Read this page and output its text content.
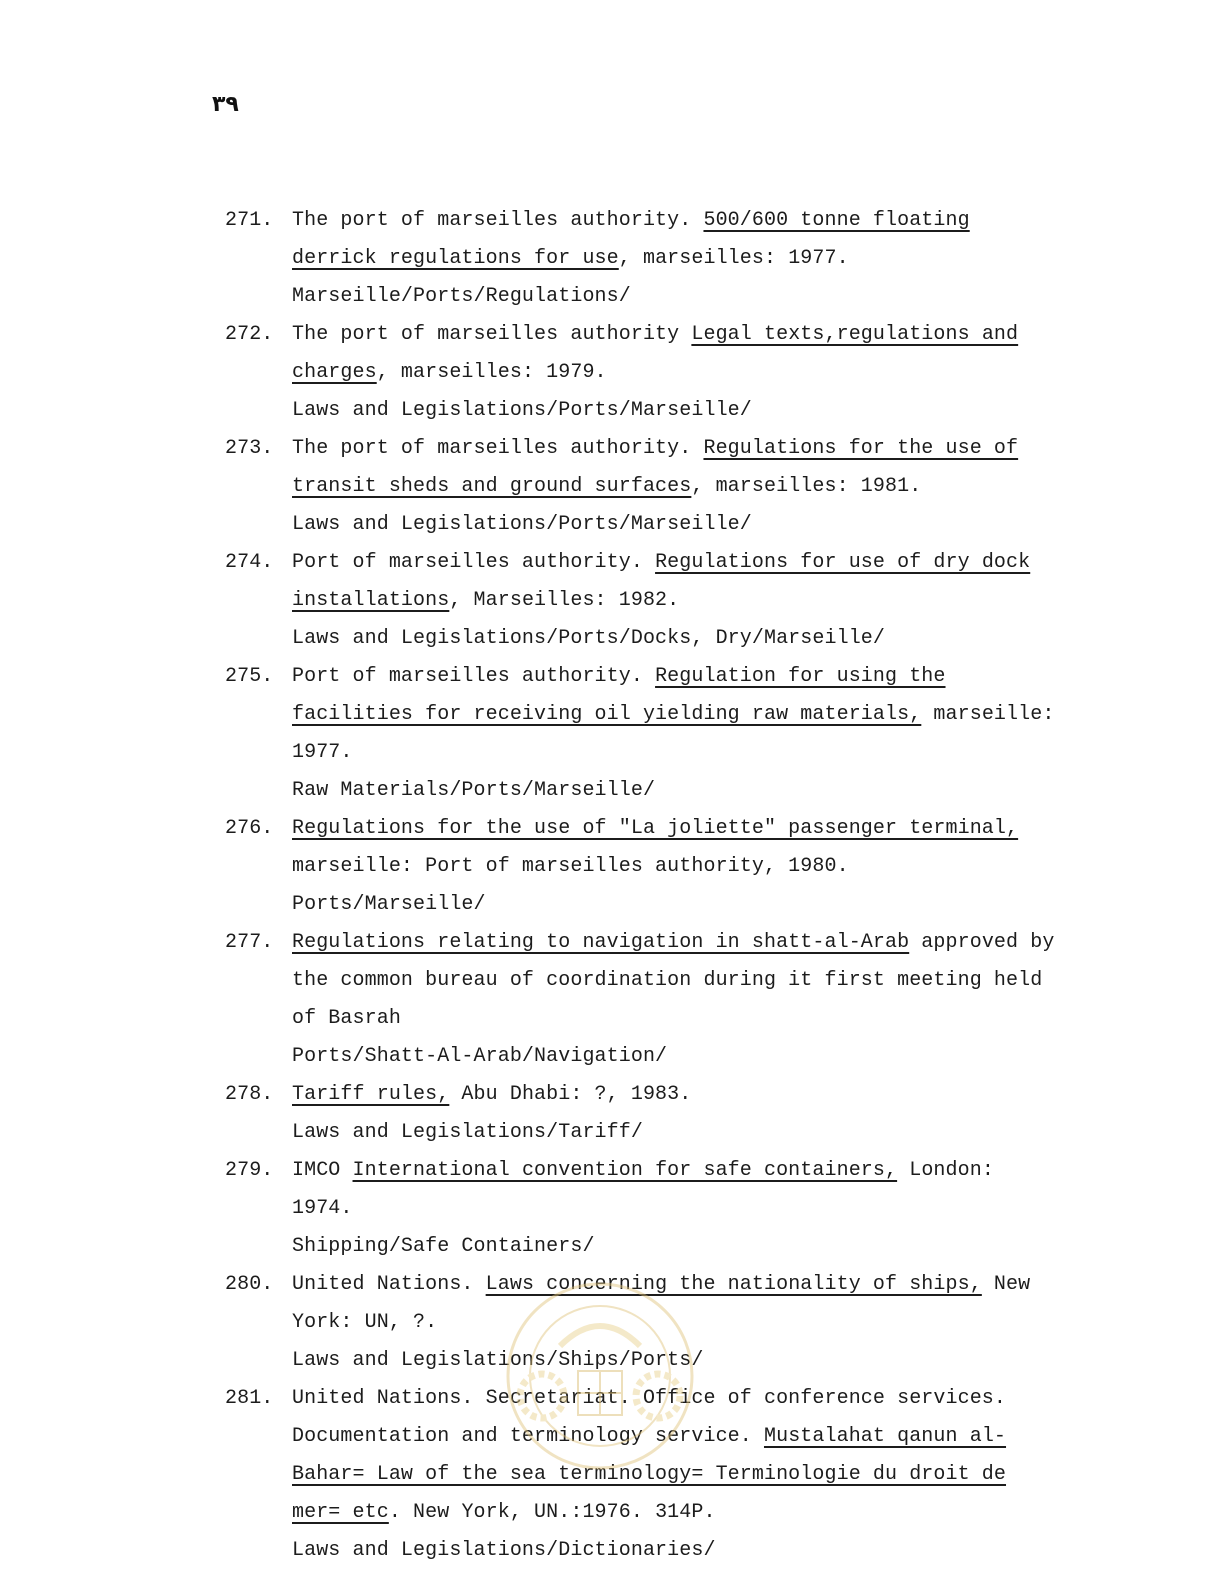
٣٩
271. The port of marseilles authority. 500/600 tonne floating derrick regulations for use, marseilles: 1977.
Marseille/Ports/Regulations/
272. The port of marseilles authority Legal texts,regulations and charges, marseilles: 1979.
Laws and Legislations/Ports/Marseille/
273. The port of marseilles authority. Regulations for the use of transit sheds and ground surfaces, marseilles: 1981.
Laws and Legislations/Ports/Marseille/
274. Port of marseilles authority. Regulations for use of dry dock installations, Marseilles: 1982.
Laws and Legislations/Ports/Docks, Dry/Marseille/
275. Port of marseilles authority. Regulation for using the facilities for receiving oil yielding raw materials, marseille: 1977.
Raw Materials/Ports/Marseille/
276. Regulations for the use of "La joliette" passenger terminal, marseille: Port of marseilles authority, 1980.
Ports/Marseille/
277. Regulations relating to navigation in shatt-al-Arab approved by the common bureau of coordination during it first meeting held of Basrah
Ports/Shatt-Al-Arab/Navigation/
278. Tariff rules, Abu Dhabi: ?, 1983.
Laws and Legislations/Tariff/
279. IMCO International convention for safe containers, London: 1974.
Shipping/Safe Containers/
280. United Nations. Laws concerning the nationality of ships, New York: UN, ?.
Laws and Legislations/Ships/Ports/
281. United Nations. Secretariat. Office of conference services. Documentation and terminology service. Mustalahat qanun al-Bahar= Law of the sea terminology= Terminologie du droit de mer= etc. New York, UN.:1976. 314P.
Laws and Legislations/Dictionaries/
